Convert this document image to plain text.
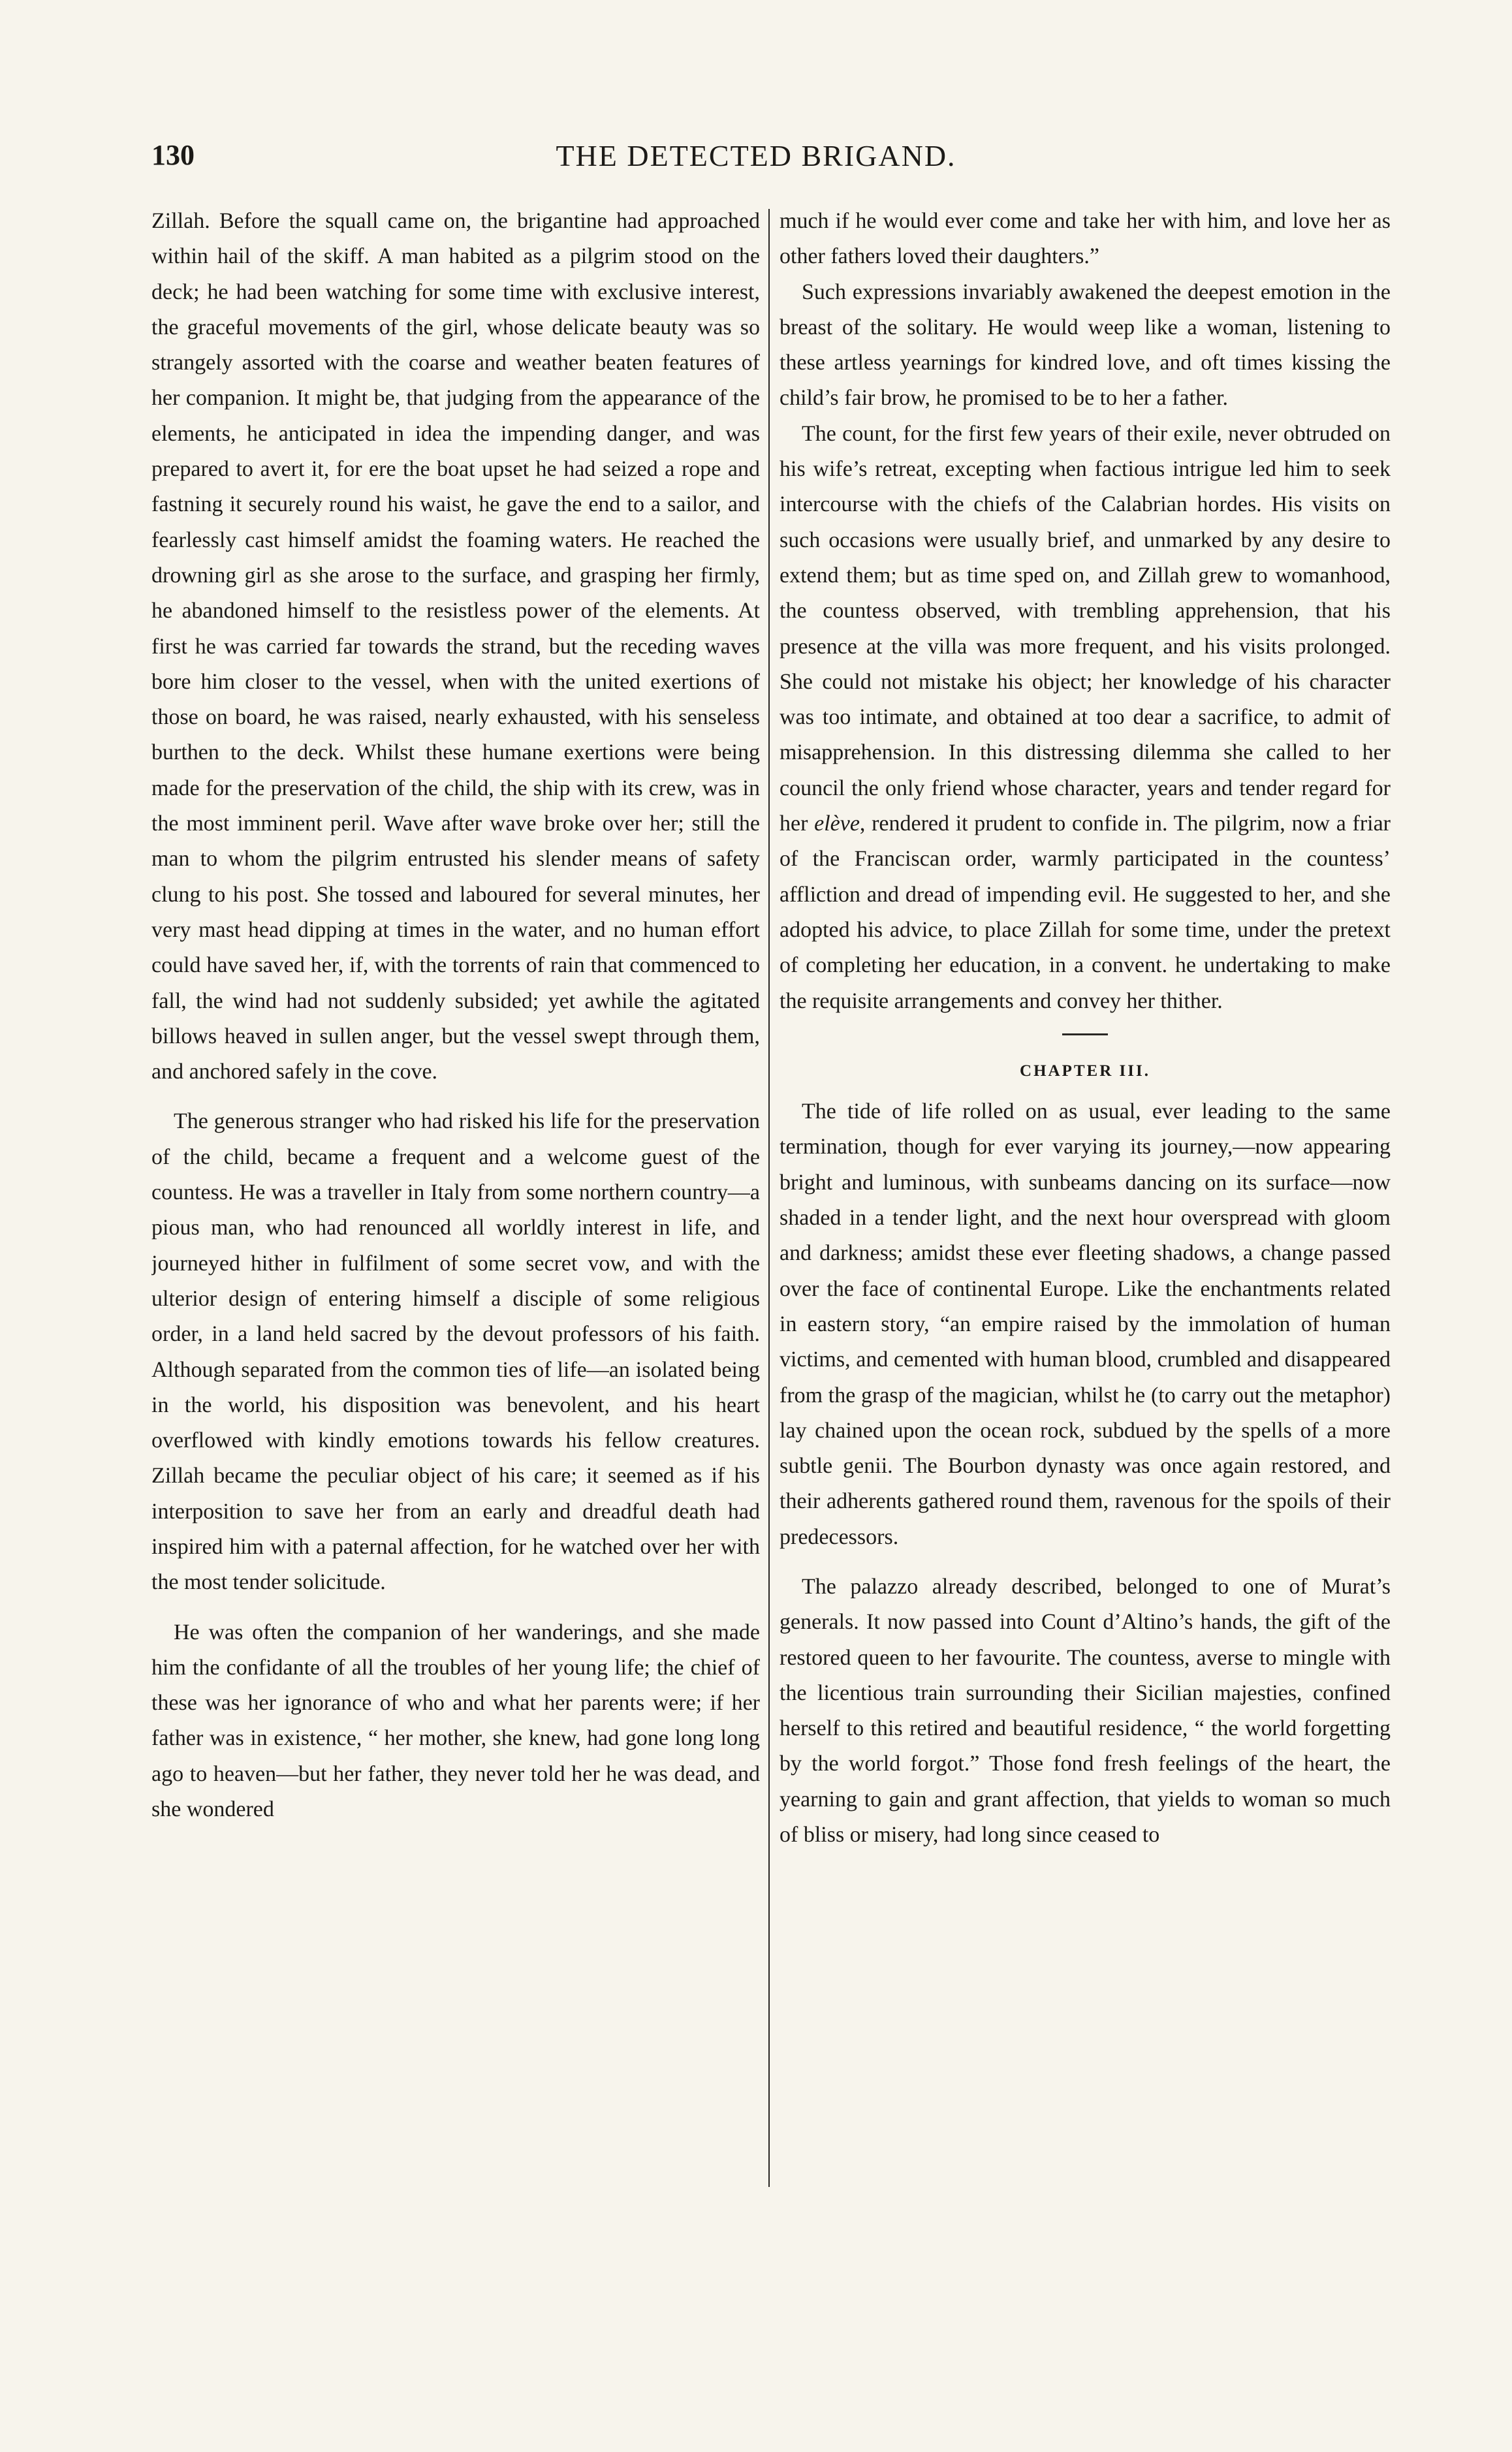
130	THE DETECTED BRIGAND.

Zillah. Before the squall came on, the brigantine had approached within hail of the skiff. A man habited as a pilgrim stood on the deck; he had been watching for some time with exclusive interest, the graceful movements of the girl, whose delicate beauty was so strangely assorted with the coarse and weather beaten features of her companion. It might be, that judging from the appearance of the elements, he anticipated in idea the impending danger, and was prepared to avert it, for ere the boat upset he had seized a rope and fastning it securely round his waist, he gave the end to a sailor, and fearlessly cast himself amidst the foaming waters. He reached the drowning girl as she arose to the surface, and grasping her firmly, he abandoned himself to the resistless power of the elements. At first he was carried far towards the strand, but the receding waves bore him closer to the vessel, when with the united exertions of those on board, he was raised, nearly exhausted, with his senseless burthen to the deck. Whilst these humane exertions were being made for the preservation of the child, the ship with its crew, was in the most imminent peril. Wave after wave broke over her; still the man to whom the pilgrim entrusted his slender means of safety clung to his post. She tossed and laboured for several minutes, her very mast head dipping at times in the water, and no human effort could have saved her, if, with the torrents of rain that commenced to fall, the wind had not suddenly subsided; yet awhile the agitated billows heaved in sullen anger, but the vessel swept through them, and anchored safely in the cove.

The generous stranger who had risked his life for the preservation of the child, became a frequent and a welcome guest of the countess. He was a traveller in Italy from some northern country—a pious man, who had renounced all worldly interest in life, and journeyed hither in fulfilment of some secret vow, and with the ulterior design of entering himself a disciple of some religious order, in a land held sacred by the devout professors of his faith. Although separated from the common ties of life—an isolated being in the world, his disposition was benevolent, and his heart overflowed with kindly emotions towards his fellow creatures. Zillah became the peculiar object of his care; it seemed as if his interposition to save her from an early and dreadful death had inspired him with a paternal affection, for he watched over her with the most tender solicitude.

He was often the companion of her wanderings, and she made him the confidante of all the troubles of her young life; the chief of these was her ignorance of who and what her parents were; if her father was in existence, “ her mother, she knew, had gone long long ago to heaven—but her father, they never told her he was dead, and she wondered

much if he would ever come and take her with him, and love her as other fathers loved their daughters.”

Such expressions invariably awakened the deepest emotion in the breast of the solitary. He would weep like a woman, listening to these artless yearnings for kindred love, and oft times kissing the child’s fair brow, he promised to be to her a father.

The count, for the first few years of their exile, never obtruded on his wife’s retreat, excepting when factious intrigue led him to seek intercourse with the chiefs of the Calabrian hordes. His visits on such occasions were usually brief, and unmarked by any desire to extend them; but as time sped on, and Zillah grew to womanhood, the countess observed, with trembling apprehension, that his presence at the villa was more frequent, and his visits prolonged. She could not mistake his object; her knowledge of his character was too intimate, and obtained at too dear a sacrifice, to admit of misapprehension. In this distressing dilemma she called to her council the only friend whose character, years and tender regard for her elève, rendered it prudent to confide in. The pilgrim, now a friar of the Franciscan order, warmly participated in the countess’ affliction and dread of impending evil. He suggested to her, and she adopted his advice, to place Zillah for some time, under the pretext of completing her education, in a convent. he undertaking to make the requisite arrangements and convey her thither.

CHAPTER III.

The tide of life rolled on as usual, ever leading to the same termination, though for ever varying its journey,—now appearing bright and luminous, with sunbeams dancing on its surface—now shaded in a tender light, and the next hour overspread with gloom and darkness; amidst these ever fleeting shadows, a change passed over the face of continental Europe. Like the enchantments related in eastern story, “an empire raised by the immolation of human victims, and cemented with human blood, crumbled and disappeared from the grasp of the magician, whilst he (to carry out the metaphor) lay chained upon the ocean rock, subdued by the spells of a more subtle genii. The Bourbon dynasty was once again restored, and their adherents gathered round them, ravenous for the spoils of their predecessors.

The palazzo already described, belonged to one of Murat’s generals. It now passed into Count d’Altino’s hands, the gift of the restored queen to her favourite. The countess, averse to mingle with the licentious train surrounding their Sicilian majesties, confined herself to this retired and beautiful residence, “ the world forgetting by the world forgot.” Those fond fresh feelings of the heart, the yearning to gain and grant affection, that yields to woman so much of bliss or misery, had long since ceased to
